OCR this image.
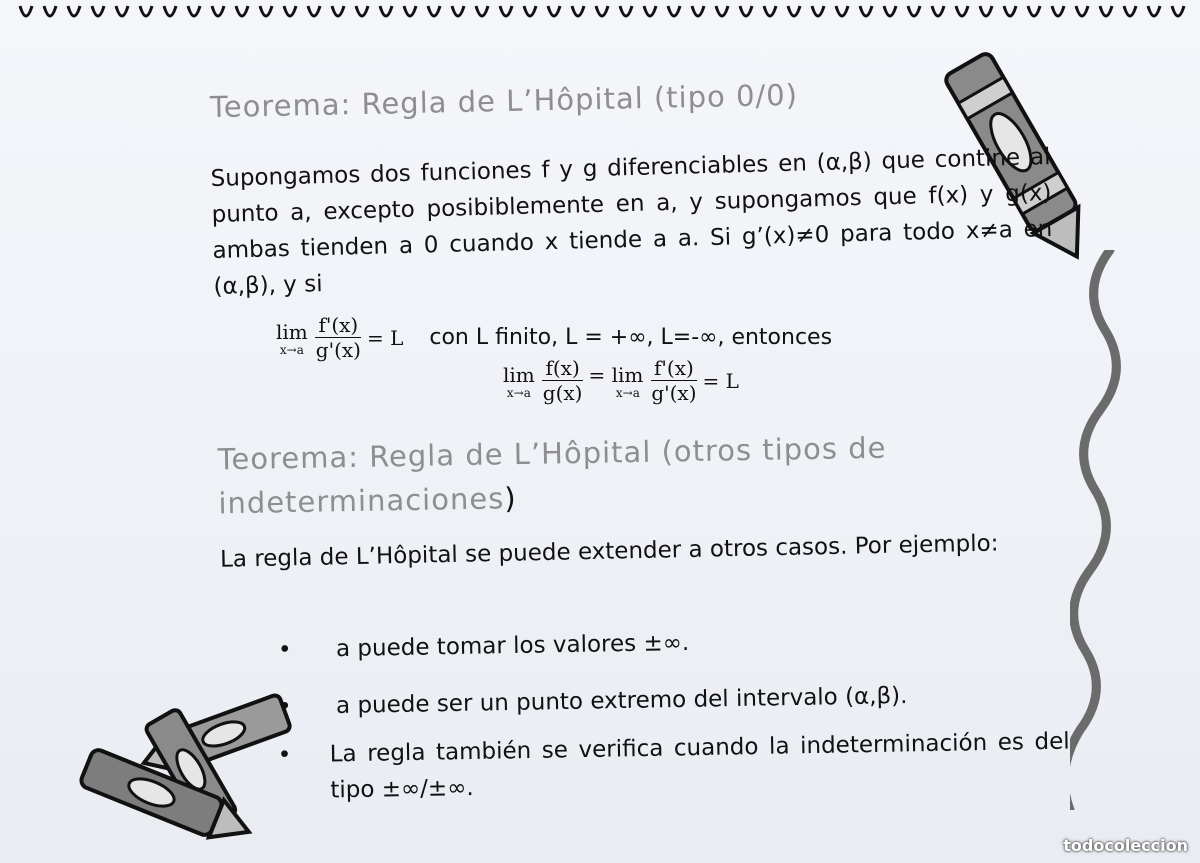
Teorema: Regla de L’Hôpital (tipo 0/0)
Supongamos dos funciones f y g diferenciables en (α,β) que contine al punto a, excepto posibiblemente en a, y supongamos que f(x) y g(x) ambas tienden a 0 cuando x tiende a a. Si g’(x)≠0 para todo x≠a en (α,β), y si
lim
$x\to a \frac{f'(x)}{g'(x)} = L$ con L finito, L = +∞, L=-∞, entonces
lim
$x\to a \frac{f(x)}{g(x)} = \lim$
$x\to a \frac{f'(x)}{g'(x)} = L$
Teorema: Regla de L’Hôpital (otros tipos de indeterminaciones)
La regla de L’Hôpital se puede extender a otros casos. Por ejemplo:
• a puede tomar los valores ±∞.
• a puede ser un punto extremo del intervalo (α,β).
• La regla también se verifica cuando la indeterminación es del tipo ±∞/±∞.
todocoleccion
